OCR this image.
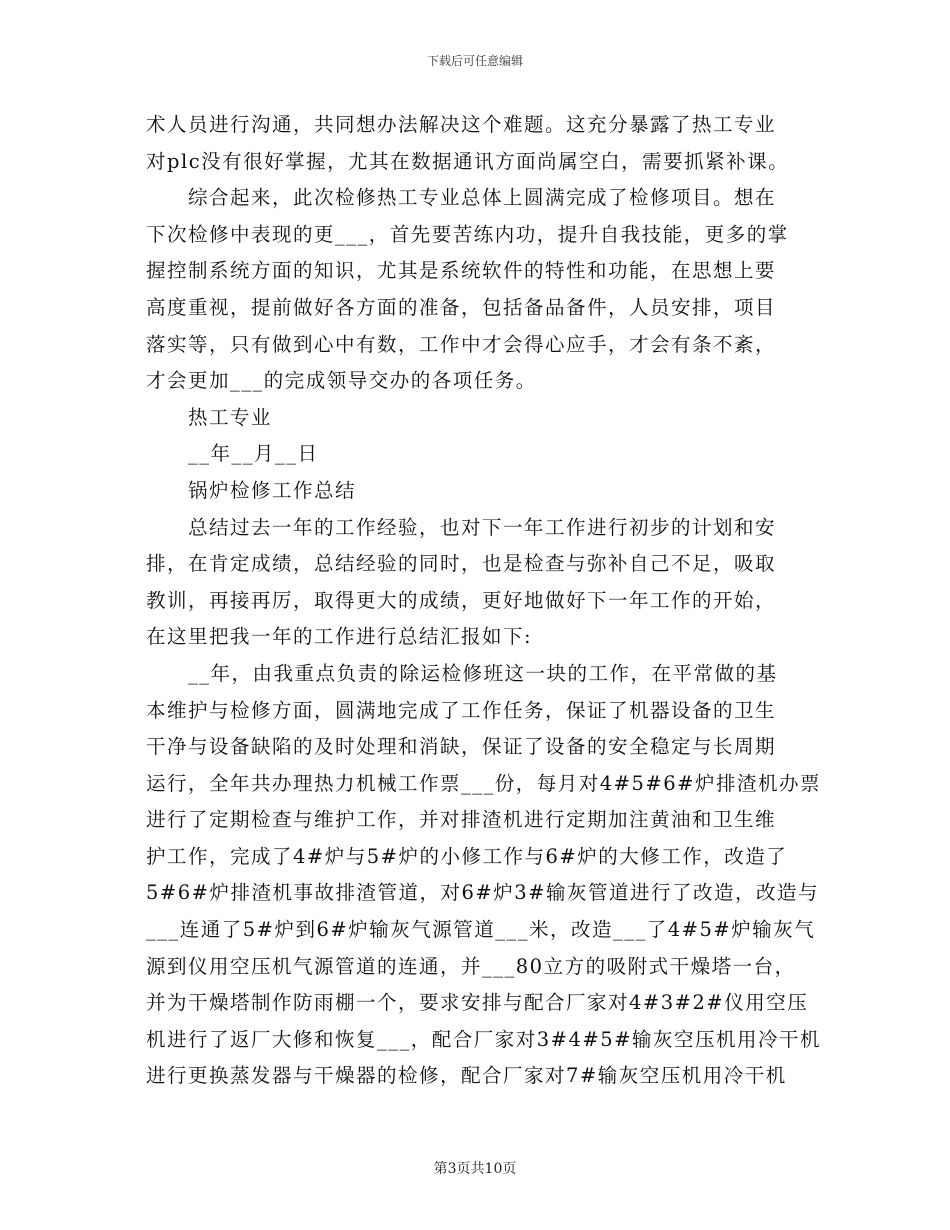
下载后可任意编辑
术人员进行沟通，共同想办法解决这个难题。这充分暴露了热工专业
对plc没有很好掌握，尤其在数据通讯方面尚属空白，需要抓紧补课。
综合起来，此次检修热工专业总体上圆满完成了检修项目。想在
下次检修中表现的更___，首先要苦练内功，提升自我技能，更多的掌
握控制系统方面的知识，尤其是系统软件的特性和功能，在思想上要
高度重视，提前做好各方面的准备，包括备品备件，人员安排，项目
落实等，只有做到心中有数，工作中才会得心应手，才会有条不紊，
才会更加___的完成领导交办的各项任务。
热工专业
__年__月__日
锅炉检修工作总结
总结过去一年的工作经验，也对下一年工作进行初步的计划和安
排，在肯定成绩，总结经验的同时，也是检查与弥补自己不足，吸取
教训，再接再厉，取得更大的成绩，更好地做好下一年工作的开始，
在这里把我一年的工作进行总结汇报如下:
__年，由我重点负责的除运检修班这一块的工作，在平常做的基
本维护与检修方面，圆满地完成了工作任务，保证了机器设备的卫生
干净与设备缺陷的及时处理和消缺，保证了设备的安全稳定与长周期
运行，全年共办理热力机械工作票___份，每月对4#5#6#炉排渣机办票
进行了定期检查与维护工作，并对排渣机进行定期加注黄油和卫生维
护工作，完成了4#炉与5#炉的小修工作与6#炉的大修工作，改造了
5#6#炉排渣机事故排渣管道，对6#炉3#输灰管道进行了改造，改造与
___连通了5#炉到6#炉输灰气源管道___米，改造___了4#5#炉输灰气
源到仪用空压机气源管道的连通，并___80立方的吸附式干燥塔一台，
并为干燥塔制作防雨棚一个，要求安排与配合厂家对4#3#2#仪用空压
机进行了返厂大修和恢复___，配合厂家对3#4#5#输灰空压机用冷干机
进行更换蒸发器与干燥器的检修，配合厂家对7#输灰空压机用冷干机
第3页共10页
